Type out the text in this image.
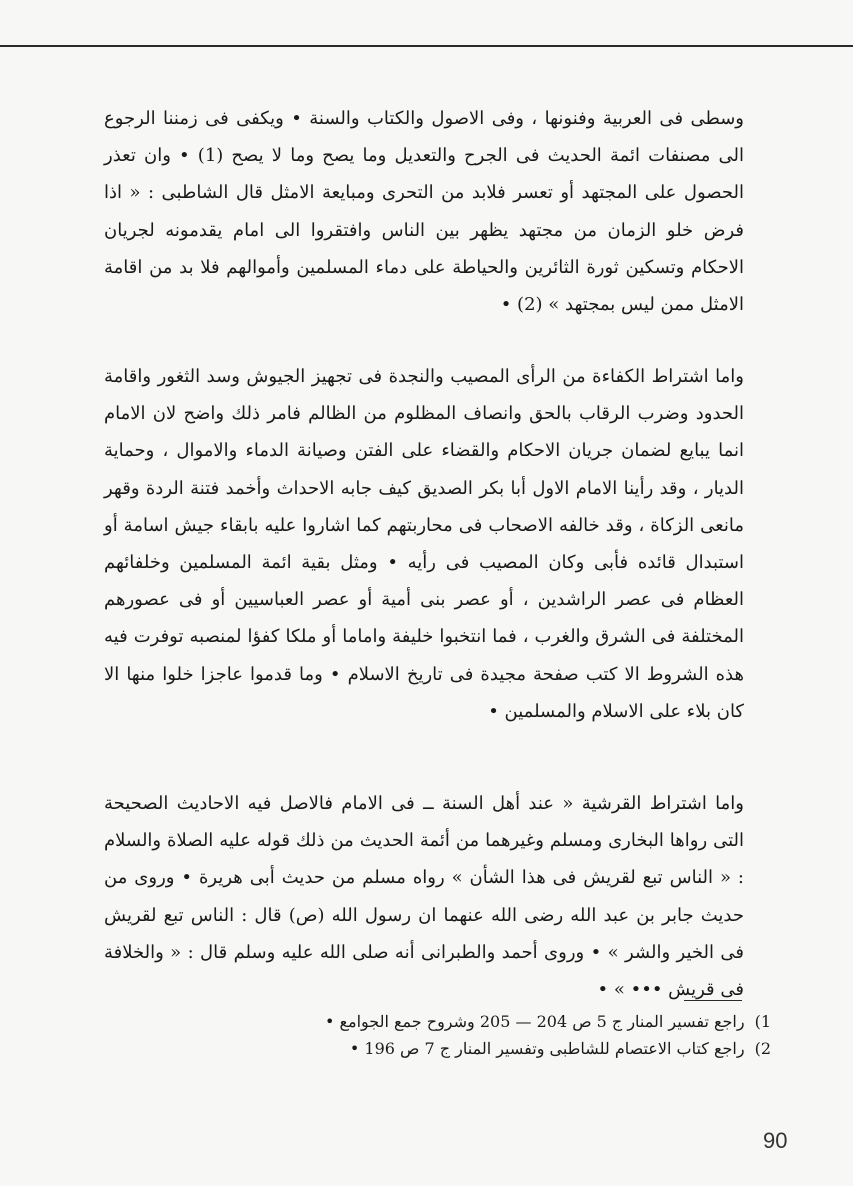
وسطى فى العربية وفنونها ، وفى الاصول والكتاب والسنة • ويكفى فى زمننا الرجوع الى مصنفات ائمة الحديث فى الجرح والتعديل وما يصح وما لا يصح (1) • وان تعذر الحصول على المجتهد أو تعسر فلابد من التحرى ومبايعة الامثل قال الشاطبى : « اذا فرض خلو الزمان من مجتهد يظهر بين الناس وافتقروا الى امام يقدمونه لجريان الاحكام وتسكين ثورة الثائرين والحياطة على دماء المسلمين وأموالهم فلا بد من اقامة الامثل ممن ليس بمجتهد » (2) •

واما اشتراط الكفاءة من الرأى المصيب والنجدة فى تجهيز الجيوش وسد الثغور واقامة الحدود وضرب الرقاب بالحق وانصاف المظلوم من الظالم فامر ذلك واضح لان الامام انما يبايع لضمان جريان الاحكام والقضاء على الفتن وصيانة الدماء والاموال ، وحماية الديار ، وقد رأينا الامام الاول أبا بكر الصديق كيف جابه الاحداث وأخمد فتنة الردة وقهر مانعى الزكاة ، وقد خالفه الاصحاب فى محاربتهم كما اشاروا عليه بابقاء جيش اسامة أو استبدال قائده فأبى وكان المصيب فى رأيه • ومثل بقية ائمة المسلمين وخلفائهم العظام فى عصر الراشدين ، أو عصر بنى أمية أو عصر العباسيين أو فى عصورهم المختلفة فى الشرق والغرب ، فما انتخبوا خليفة واماما أو ملكا كفؤا لمنصبه توفرت فيه هذه الشروط الا كتب صفحة مجيدة فى تاريخ الاسلام • وما قدموا عاجزا خلوا منها الا كان بلاء على الاسلام والمسلمين •

واما اشتراط القرشية « عند أهل السنة ــ فى الامام فالاصل فيه الاحاديث الصحيحة التى رواها البخارى ومسلم وغيرهما من أئمة الحديث من ذلك قوله عليه الصلاة والسلام : « الناس تبع لقريش فى هذا الشأن » رواه مسلم من حديث أبى هريرة • وروى من حديث جابر بن عبد الله رضى الله عنهما ان رسول الله (ص) قال : الناس تبع لقريش فى الخير والشر » • وروى أحمد والطبرانى أنه صلى الله عليه وسلم قال : « والخلافة فى قريش ••• » •

1)راجع تفسير المنار ج 5 ص 204 — 205 وشروح جمع الجوامع •

2)راجع كتاب الاعتصام للشاطبى وتفسير المنار ج 7 ص 196 •

90
